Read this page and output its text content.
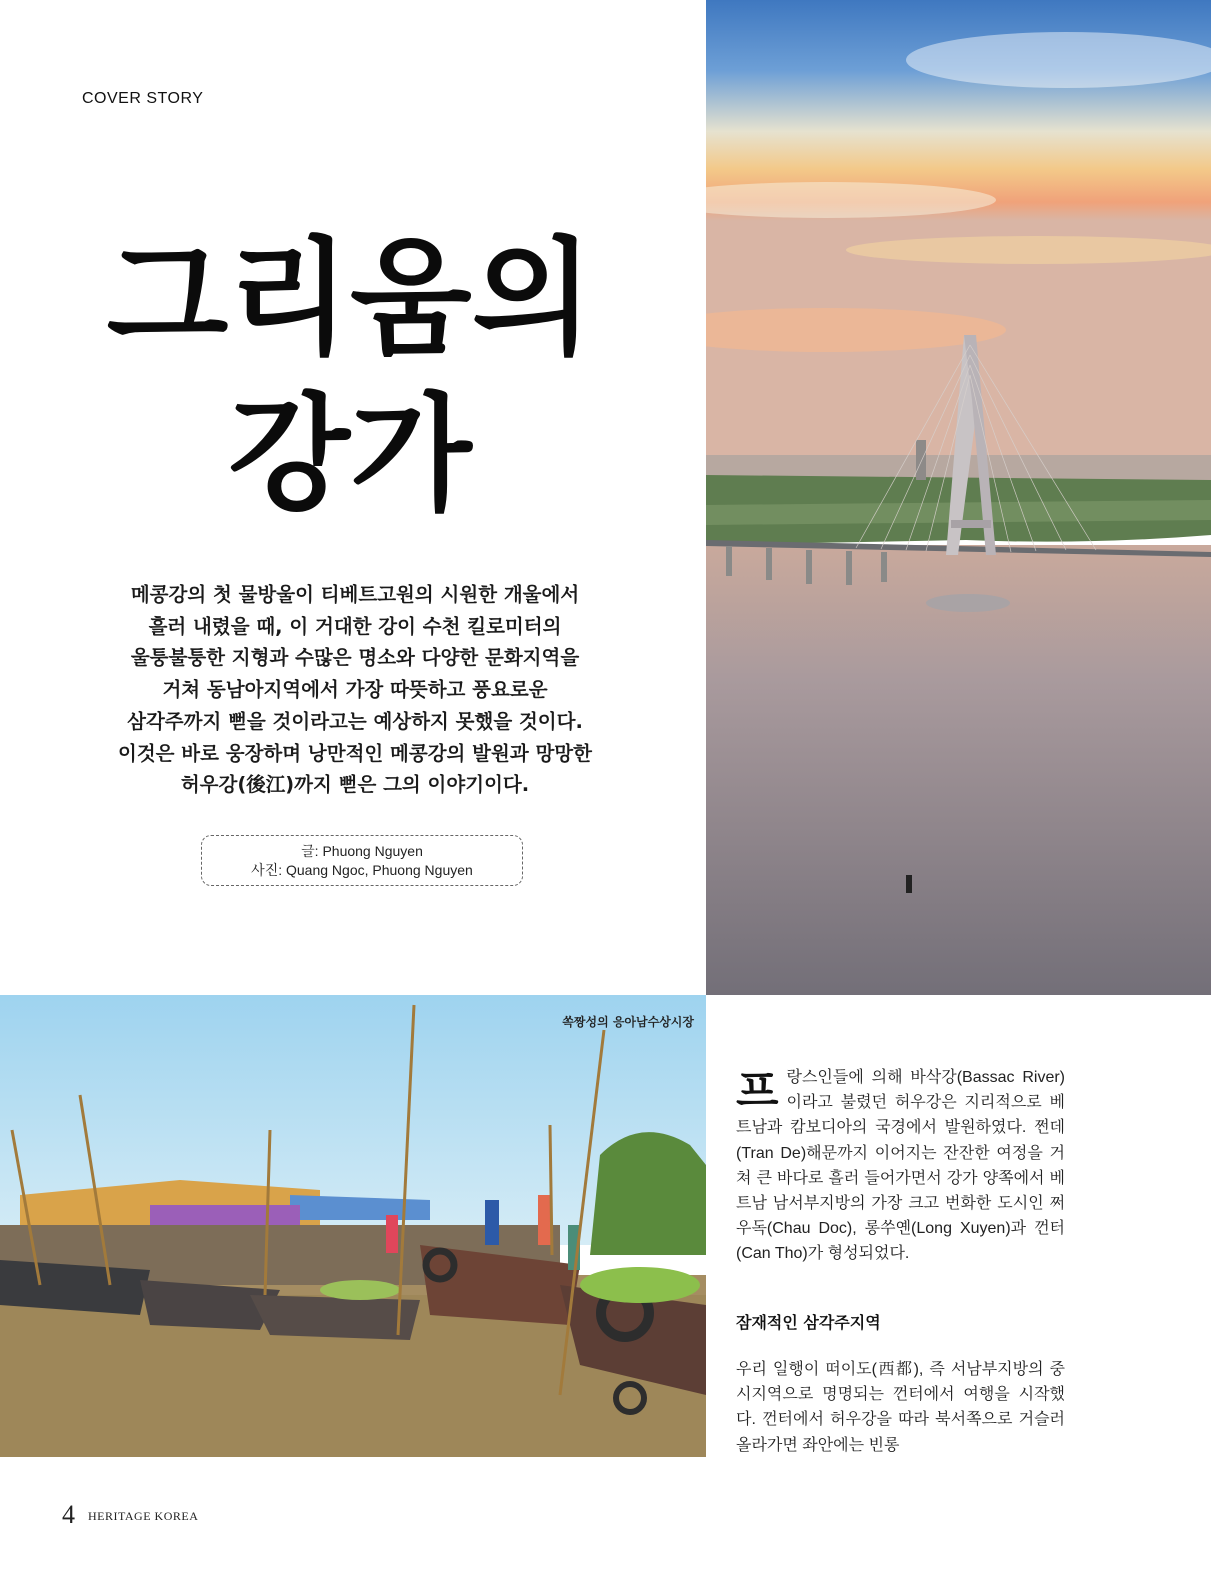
COVER STORY
그리움의
강가
메콩강의 첫 물방울이 티베트고원의 시원한 개울에서
흘러 내렸을 때, 이 거대한 강이 수천 킬로미터의
울퉁불퉁한 지형과 수많은 명소와 다양한 문화지역을
거쳐 동남아지역에서 가장 따뜻하고 풍요로운
삼각주까지 뻗을 것이라고는 예상하지 못했을 것이다.
이것은 바로 웅장하며 낭만적인 메콩강의 발원과 망망한
허우강(後江)까지 뻗은 그의 이야기이다.
글: Phuong Nguyen
사진: Quang Ngoc, Phuong Nguyen
쏙짱성의 응아남수상시장
프 랑스인들에 의해 바삭강(Bassac River)이라고 불렸던 허우강은 지리적으로 베트남과 캄보디아의 국경에서 발원하였다. 쩐데(Tran De)해문까지 이어지는 잔잔한 여정을 거쳐 큰 바다로 흘러 들어가면서 강가 양쪽에서 베트남 남서부지방의 가장 크고 번화한 도시인 쩌우독(Chau Doc), 롱쑤옌(Long Xuyen)과 껀터(Can Tho)가 형성되었다.
잠재적인 삼각주지역
우리 일행이 떠이도(西都), 즉 서남부지방의 중시지역으로 명명되는 껀터에서 여행을 시작했다. 껀터에서 허우강을 따라 북서쪽으로 거슬러 올라가면 좌안에는 빈롱
4 HERITAGE KOREA
